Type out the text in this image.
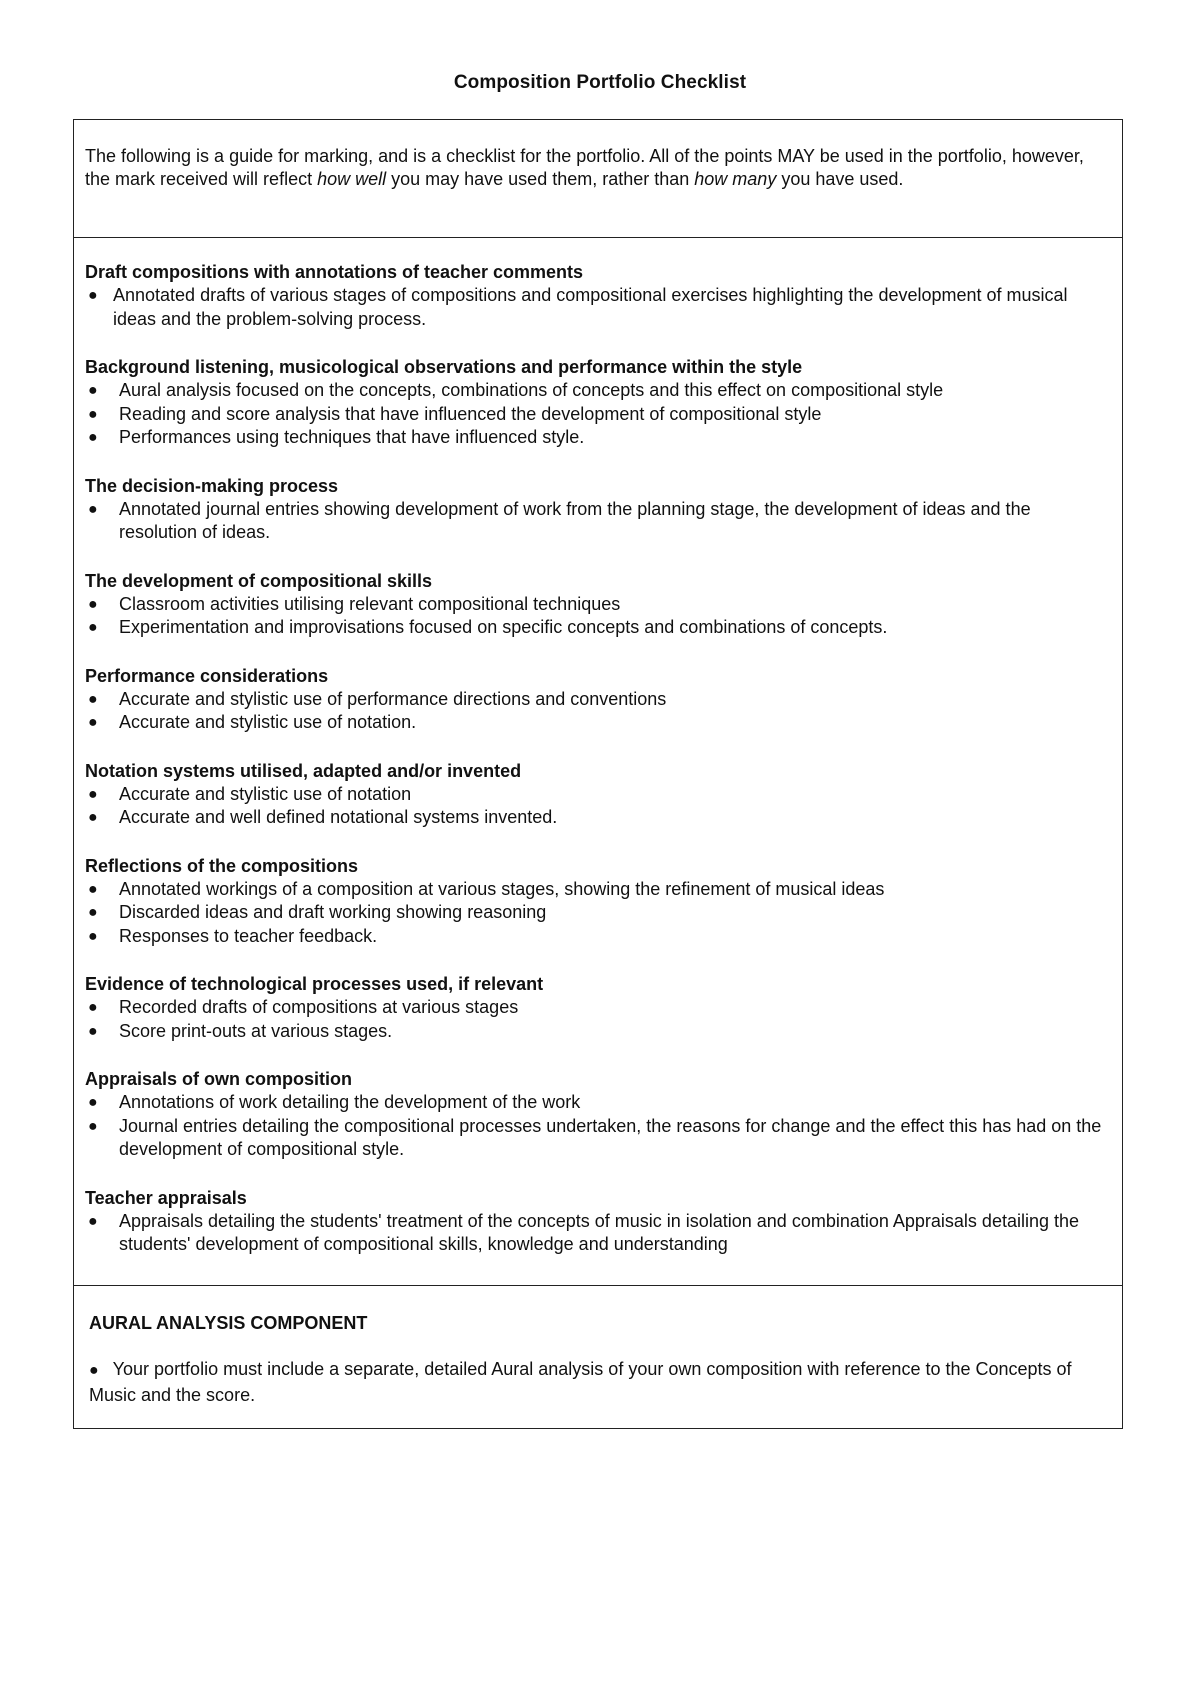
Composition Portfolio Checklist
The following is a guide for marking, and is a checklist for the portfolio. All of the points MAY be used in the portfolio, however, the mark received will reflect how well you may have used them, rather than how many you have used.
Draft compositions with annotations of teacher comments
● Annotated drafts of various stages of compositions and compositional exercises highlighting the development of musical ideas and the problem-solving process.
Background listening, musicological observations and performance within the style
● Aural analysis focused on the concepts, combinations of concepts and this effect on compositional style
● Reading and score analysis that have influenced the development of compositional style
● Performances using techniques that have influenced style.
The decision-making process
● Annotated journal entries showing development of work from the planning stage, the development of ideas and the resolution of ideas.
The development of compositional skills
● Classroom activities utilising relevant compositional techniques
● Experimentation and improvisations focused on specific concepts and combinations of concepts.
Performance considerations
● Accurate and stylistic use of performance directions and conventions
● Accurate and stylistic use of notation.
Notation systems utilised, adapted and/or invented
● Accurate and stylistic use of notation
● Accurate and well defined notational systems invented.
Reflections of the compositions
● Annotated workings of a composition at various stages, showing the refinement of musical ideas
● Discarded ideas and draft working showing reasoning
● Responses to teacher feedback.
Evidence of technological processes used, if relevant
● Recorded drafts of compositions at various stages
● Score print-outs at various stages.
Appraisals of own composition
● Annotations of work detailing the development of the work
● Journal entries detailing the compositional processes undertaken, the reasons for change and the effect this has had on the development of compositional style.
Teacher appraisals
● Appraisals detailing the students' treatment of the concepts of music in isolation and combination Appraisals detailing the students' development of compositional skills, knowledge and understanding
AURAL ANALYSIS COMPONENT
● Your portfolio must include a separate, detailed Aural analysis of your own composition with reference to the Concepts of Music and the score.
